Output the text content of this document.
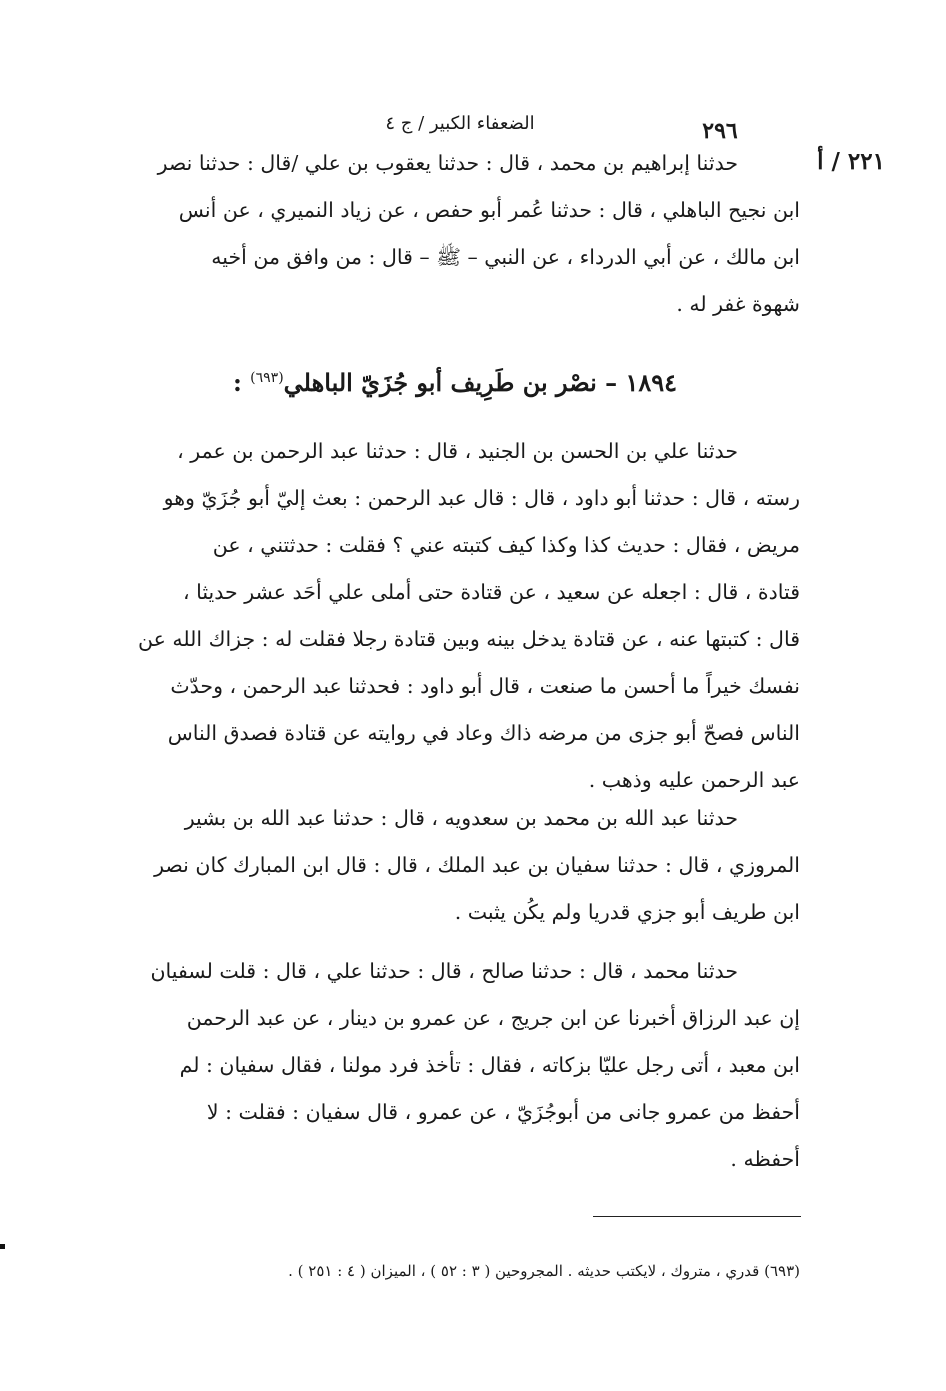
الضعفاء الكبير / ج ٤	٢٩٦
٢٢١ / أ
حدثنا إبراهيم بن محمد ، قال : حدثنا يعقوب بن علي /قال : حدثنا نصر
ابن نجيح الباهلي ، قال : حدثنا عُمر أبو حفص ، عن زياد النميري ، عن أنس
ابن مالك ، عن أبي الدرداء ، عن النبي – ﷺ – قال : من وافق من أخيه
شهوة غفر له .
١٨٩٤ – نصْر بن طَرِيف أبو جُزَيّ الباهلي$^{(٦٩٣)}$ :
حدثنا علي بن الحسن بن الجنيد ، قال : حدثنا عبد الرحمن بن عمر ،
رسته ، قال : حدثنا أبو داود ، قال : قال عبد الرحمن : بعث إليّ أبو جُزَيّ وهو
مريض ، فقال : حديث كذا وكذا كيف كتبته عني ؟ فقلت : حدثتني ، عن
قتادة ، قال : اجعله عن سعيد ، عن قتادة حتى أملى علي أحَد عشر حديثا ،
قال : كتبتها عنه ، عن قتادة يدخل بينه وبين قتادة رجلا فقلت له : جزاك الله عن
نفسك خيراً ما أحسن ما صنعت ، قال أبو داود : فحدثنا عبد الرحمن ، وحدّث
الناس فصحّ أبو جزى من مرضه ذاك وعاد في روايته عن قتادة فصدق الناس
عبد الرحمن عليه وذهب .
حدثنا عبد الله بن محمد بن سعدويه ، قال : حدثنا عبد الله بن بشير
المروزي ، قال : حدثنا سفيان بن عبد الملك ، قال : قال ابن المبارك كان نصر
ابن طريف أبو جزي قدريا ولم يكُن يثبت .
حدثنا محمد ، قال : حدثنا صالح ، قال : حدثنا علي ، قال : قلت لسفيان
إن عبد الرزاق أخبرنا عن ابن جريج ، عن عمرو بن دينار ، عن عبد الرحمن
ابن معبد ، أتى رجل عليّا بزكاته ، فقال : تأخذ فرد مولنا ، فقال سفيان : لم
أحفظ من عمرو جانى من أبوجُزَيّ ، عن عمرو ، قال سفيان : فقلت : لا
أحفظه .
(٦٩٣) قدري ، متروك ، لايكتب حديثه . المجروحين ( ٣ : ٥٢ ) ، الميزان ( ٤ : ٢٥١ ) .
